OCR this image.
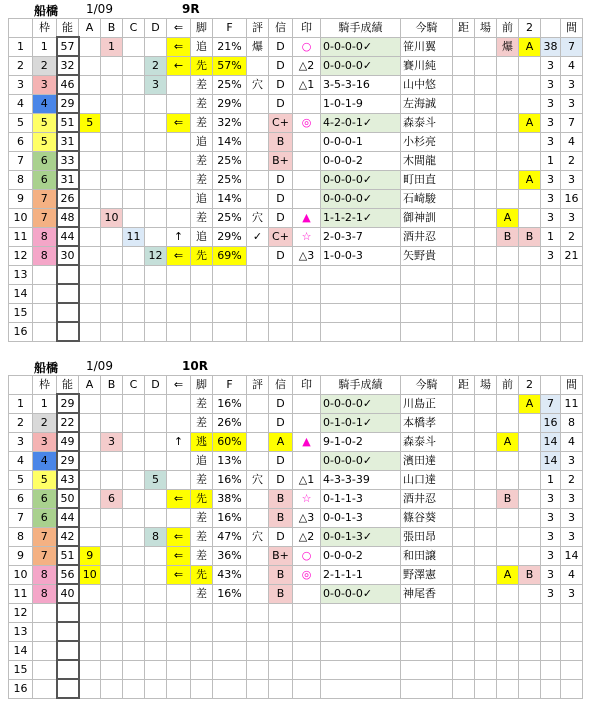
船橋 1/09	9R
	枠	能	A	B	C	D	⇐	脚	F	評	信	印	騎手成績	今騎	距	場	前	2		間
1	1	57		1			⇐	追	21%	爆	D	○	0-0-0-0✓	笹川翼			爆	A	38	7
2	2	32				2	←	先	57%		D	△2	0-0-0-0✓	賽川純					3	4
3	3	46				3		差	25%	穴	D	△1	3-5-3-16	山中悠					3	3
4	4	29						差	29%		D		1-0-1-9	左海誠					3	3
5	5	51	5				⇐	差	32%		C+	◎	4-2-0-1✓	森泰斗				A	3	7
6	5	31						追	14%		B		0-0-0-1	小杉亮					3	4
7	6	33						差	25%		B+		0-0-0-2	木間龍					1	2
8	6	31						差	25%		D		0-0-0-0✓	町田直				A	3	3
9	7	26						追	14%		D		0-0-0-0✓	石崎駿					3	16
10	7	48		10				差	25%	穴	D	▲	1-1-2-1✓	御神訓			A		3	3
11	8	44			11		↑	追	29%	✓	C+	☆	2-0-3-7	酒井忍			B	B	1	2
12	8	30				12	⇐	先	69%		D	△3	1-0-0-3	矢野貴					3	21
13																				
14																				
15																				
16																				
船橋 1/09	10R
	枠	能	A	B	C	D	⇐	脚	F	評	信	印	騎手成績	今騎	距	場	前	2		間
1	1	29						差	16%		D		0-0-0-0✓	川島正				A	7	11
2	2	22						差	26%		D		0-1-0-1✓	本橋孝					16	8
3	3	49		3			↑	逃	60%		A	▲	9-1-0-2	森泰斗			A		14	4
4	4	29						追	13%		D		0-0-0-0✓	濱田達					14	3
5	5	43				5		差	16%	穴	D	△1	4-3-3-39	山口達					1	2
6	6	50		6			⇐	先	38%		B	☆	0-1-1-3	酒井忍			B		3	3
7	6	44						差	16%		B	△3	0-0-1-3	篠谷葵					3	3
8	7	42				8	⇐	差	47%	穴	D	△2	0-0-1-3✓	張田昂					3	3
9	7	51	9				⇐	差	36%		B+	○	0-0-0-2	和田譲					3	14
10	8	56	10				⇐	先	43%		B	◎	2-1-1-1	野澤憲			A	B	3	4
11	8	40						差	16%		B		0-0-0-0✓	神尾香					3	3
12																				
13																				
14																				
15																				
16																				
